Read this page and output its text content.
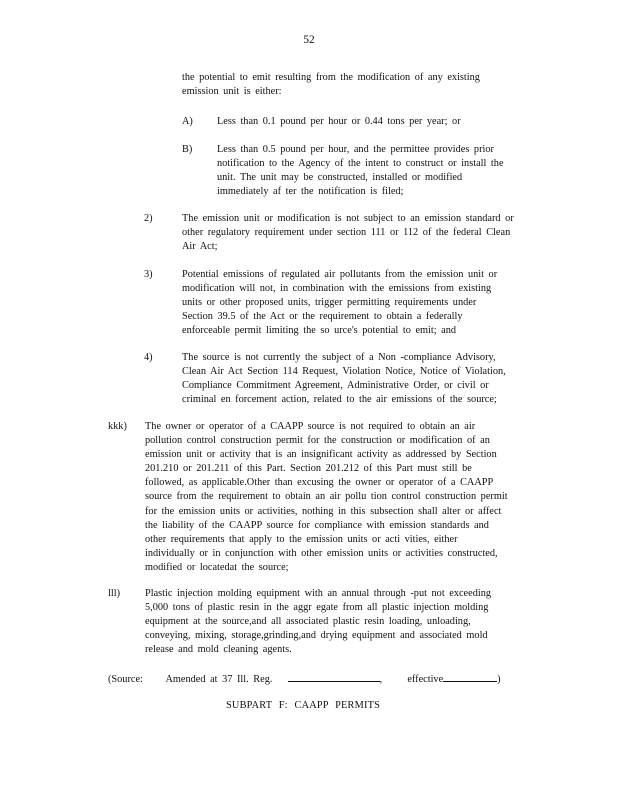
52
the potential to emit resulting from the modification of any existing
emission unit is either:
A) Less than 0.1 pound per hour or 0.44 tons per year; or
B) Less than 0.5 pound per hour, and the permittee provides prior
notification to the Agency of the intent to construct or install the
unit. The unit may be constructed, installed or modified
immediately af ter the notification is filed;
2)	The emission unit or modification is not subject to an emission standard or
other regulatory requirement under section 111 or 112 of the federal Clean
Air Act;
3)	Potential emissions of regulated air pollutants from the emission unit or
modification will not, in combination with the emissions from existing
units or other proposed units, trigger permitting requirements under
Section 39.5 of the Act or the requirement to obtain a federally
enforceable permit limiting the so urce's potential to emit; and
4)	The source is not currently the subject of a Non -compliance Advisory,
Clean Air Act Section 114 Request, Violation Notice, Notice of Violation,
Compliance Commitment Agreement, Administrative Order, or civil or
criminal en forcement action, related to the air emissions of the source;
kkk) The owner or operator of a CAAPP source is not required to obtain an air
pollution control construction permit for the construction or modification of an
emission unit or activity that is an insignificant activity as addressed by Section
201.210 or 201.211 of this Part. Section 201.212 of this Part must still be
followed, as applicable.Other than excusing the owner or operator of a CAAPP
source from the requirement to obtain an air pollu tion control construction permit
for the emission units or activities, nothing in this subsection shall alter or affect
the liability of the CAAPP source for compliance with emission standards and
other requirements that apply to the emission units or acti vities, either
individually or in conjunction with other emission units or activities constructed,
modified or locatedat the source;
lll) Plastic injection molding equipment with an annual through -put not exceeding
5,000 tons of plastic resin in the aggr egate from all plastic injection molding
equipment at the source,and all associated plastic resin loading, unloading,
conveying, mixing, storage,grinding,and drying equipment and associated mold
release and mold cleaning agents.
(Source: Amended at 37 Ill. Reg.	, effective	)
SUBPART F: CAAPP PERMITS
